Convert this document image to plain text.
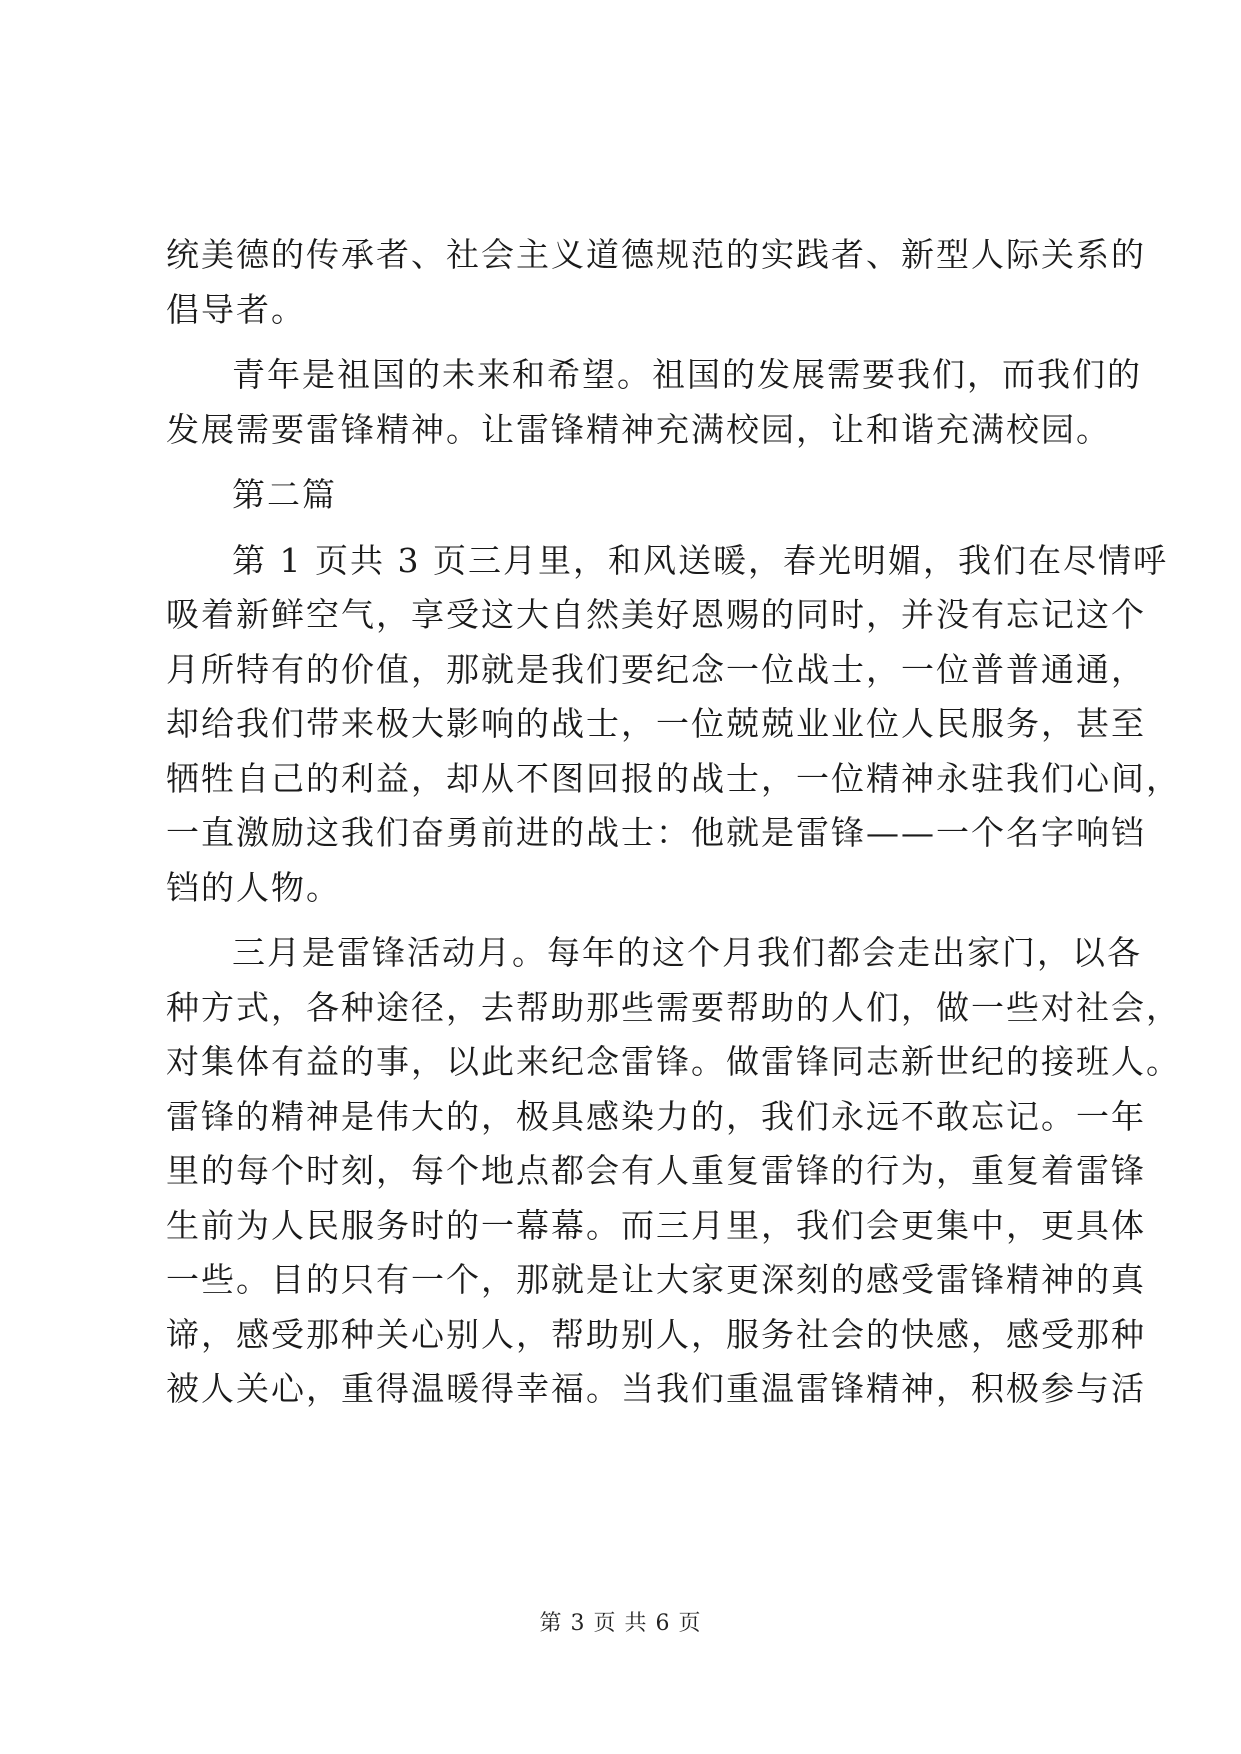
统美德的传承者、社会主义道德规范的实践者、新型人际关系的
倡导者。
青年是祖国的未来和希望。祖国的发展需要我们，而我们的
发展需要雷锋精神。让雷锋精神充满校园，让和谐充满校园。
第二篇
第 1 页共 3 页三月里，和风送暖，春光明媚，我们在尽情呼
吸着新鲜空气，享受这大自然美好恩赐的同时，并没有忘记这个
月所特有的价值，那就是我们要纪念一位战士，一位普普通通，
却给我们带来极大影响的战士，一位兢兢业业位人民服务，甚至
牺牲自己的利益，却从不图回报的战士，一位精神永驻我们心间，
一直激励这我们奋勇前进的战士：他就是雷锋——一个名字响铛
铛的人物。
三月是雷锋活动月。每年的这个月我们都会走出家门，以各
种方式，各种途径，去帮助那些需要帮助的人们，做一些对社会，
对集体有益的事，以此来纪念雷锋。做雷锋同志新世纪的接班人。
雷锋的精神是伟大的，极具感染力的，我们永远不敢忘记。一年
里的每个时刻，每个地点都会有人重复雷锋的行为，重复着雷锋
生前为人民服务时的一幕幕。而三月里，我们会更集中，更具体
一些。目的只有一个，那就是让大家更深刻的感受雷锋精神的真
谛，感受那种关心别人，帮助别人，服务社会的快感，感受那种
被人关心，重得温暖得幸福。当我们重温雷锋精神，积极参与活
第 3 页 共 6 页
